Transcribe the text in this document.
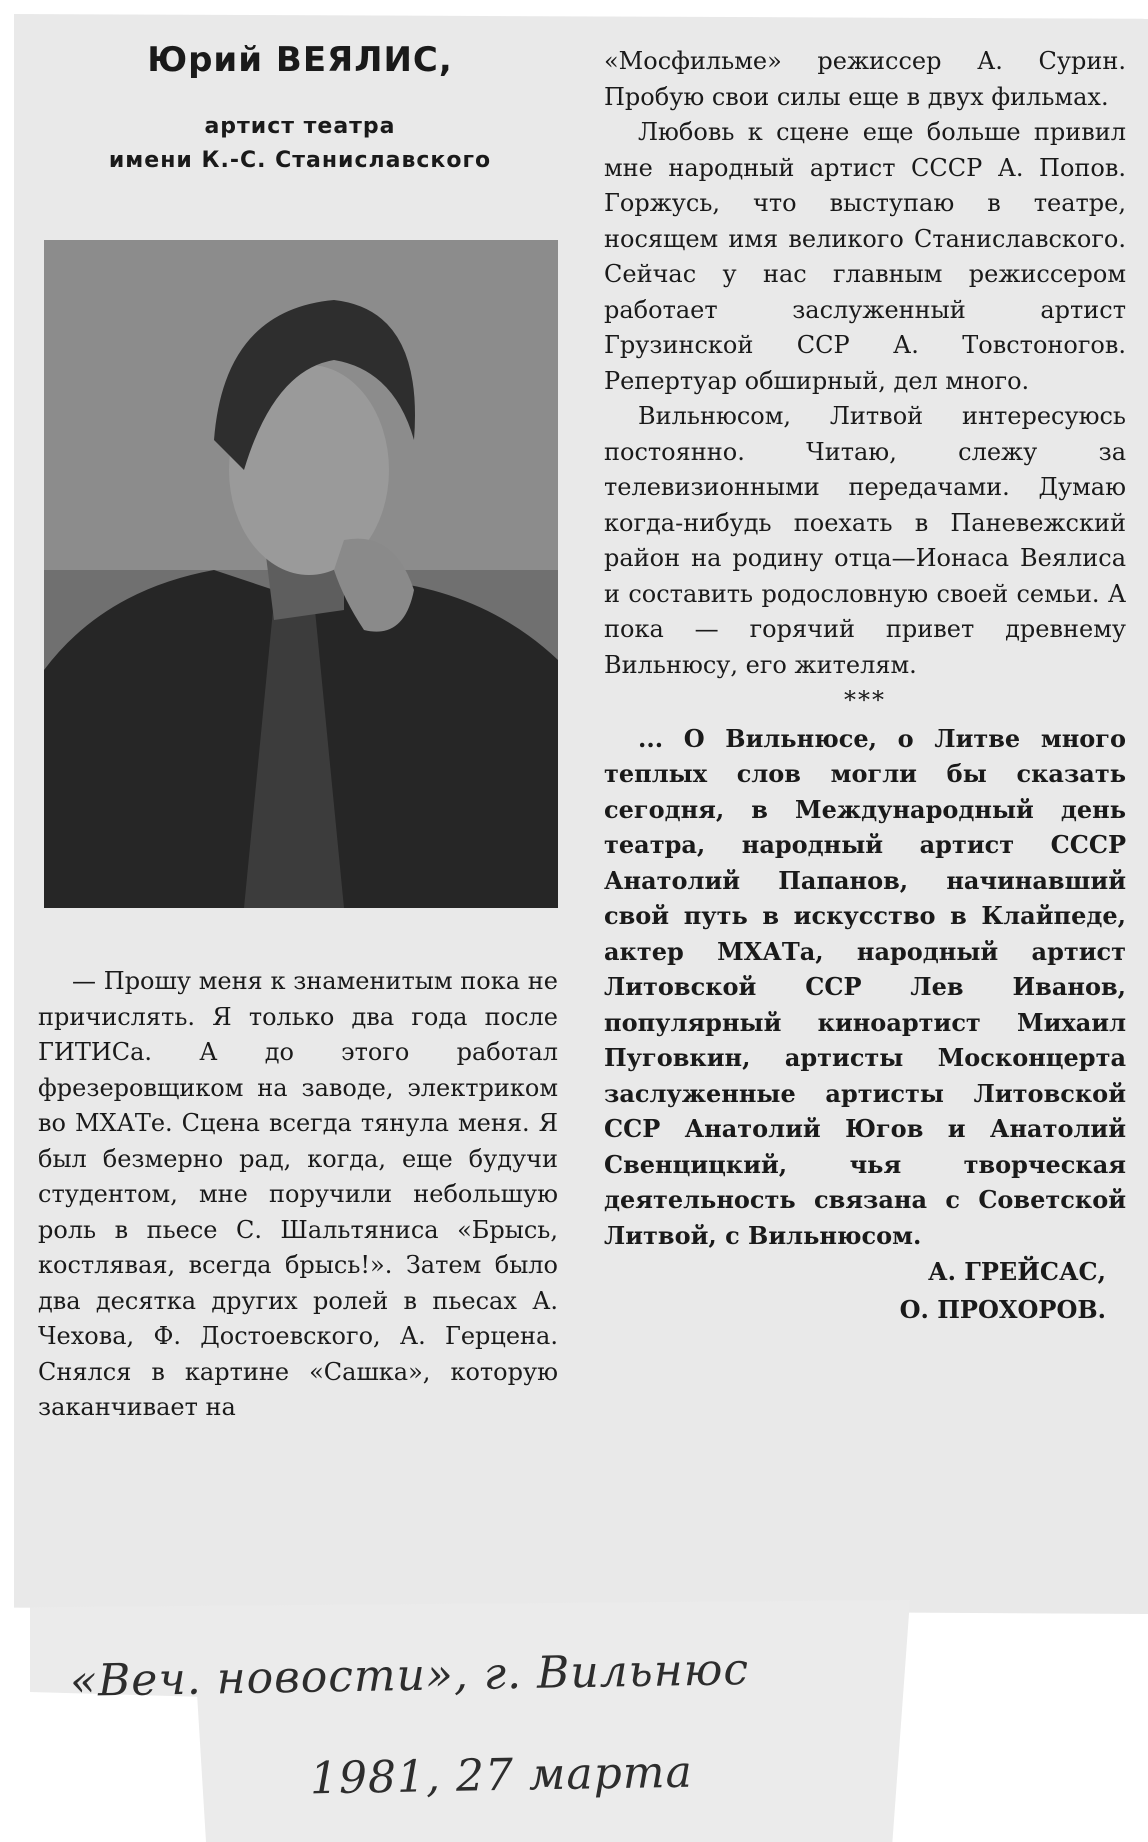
Юрий ВЕЯЛИС,
артист театра
имени К.-С. Станиславского

— Прошу меня к знаменитым пока не причислять. Я только два года после ГИТИСа. А до этого работал фрезеровщиком на заводе, электриком во МХАТе. Сцена всегда тянула меня. Я был безмерно рад, когда, еще будучи студентом, мне поручили небольшую роль в пьесе С. Шальтяниса «Брысь, костлявая, всегда брысь!». Затем было два десятка других ролей в пьесах А. Чехова, Ф. Достоевского, А. Герцена. Снялся в картине «Сашка», которую заканчивает на

«Мосфильме» режиссер А. Сурин. Пробую свои силы еще в двух фильмах.

Любовь к сцене еще больше привил мне народный артист СССР А. Попов. Горжусь, что выступаю в театре, носящем имя великого Станиславского. Сейчас у нас главным режиссером работает заслуженный артист Грузинской ССР А. Товстоногов. Репертуар обширный, дел много.

Вильнюсом, Литвой интересуюсь постоянно. Читаю, слежу за телевизионными передачами. Думаю когда-нибудь поехать в Паневежский район на родину отца—Ионаса Веялиса и составить родословную своей семьи. А пока — горячий привет древнему Вильнюсу, его жителям.

***

... О Вильнюсе, о Литве много теплых слов могли бы сказать сегодня, в Международный день театра, народный артист СССР Анатолий Папанов, начинавший свой путь в искусство в Клайпеде, актер МХАТа, народный артист Литовской ССР Лев Иванов, популярный киноартист Михаил Пуговкин, артисты Москонцерта заслуженные артисты Литовской ССР Анатолий Югов и Анатолий Свенцицкий, чья творческая деятельность связана с Советской Литвой, с Вильнюсом.

А. ГРЕЙСАС,
О. ПРОХОРОВ.
«Веч. новости», г. Вильнюс
1981, 27 марта
